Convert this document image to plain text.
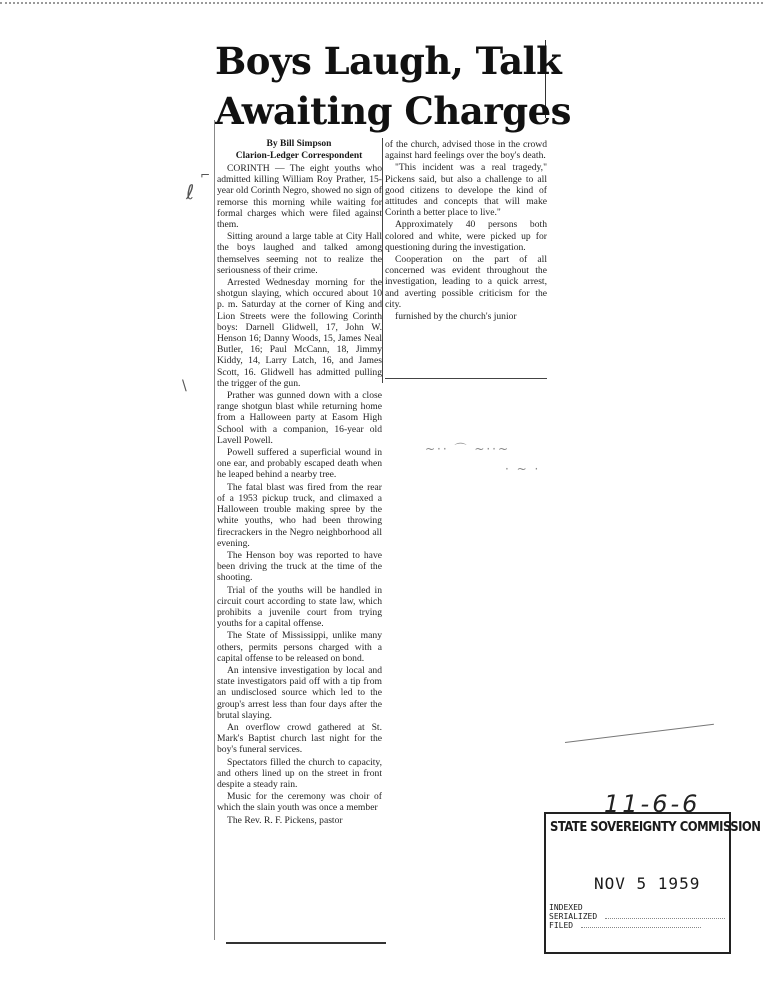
Boys Laugh, Talk
Awaiting Charges
By Bill Simpson
Clarion-Ledger Correspondent

CORINTH — The eight youths who admitted killing William Roy Prather, 15-year old Corinth Negro, showed no sign of remorse this morning while waiting for formal charges which were filed against them.

Sitting around a large table at City Hall the boys laughed and talked among themselves seeming not to realize the seriousness of their crime.

Arrested Wednesday morning for the shotgun slaying, which occured about 10 p. m. Saturday at the corner of King and Lion Streets were the following Corinth boys: Darnell Glidwell, 17, John W. Henson 16; Danny Woods, 15, James Neal Butler, 16; Paul McCann, 18, Jimmy Kiddy, 14, Larry Latch, 16, and James Scott, 16. Glidwell has admitted pulling the trigger of the gun.

Prather was gunned down with a close range shotgun blast while returning home from a Halloween party at Easom High School with a companion, 16-year old Lavell Powell.

Powell suffered a superficial wound in one ear, and probably escaped death when he leaped behind a nearby tree.

The fatal blast was fired from the rear of a 1953 pickup truck, and climaxed a Halloween trouble making spree by the white youths, who had been throwing firecrackers in the Negro neighborhood all evening.

The Henson boy was reported to have been driving the truck at the time of the shooting.

Trial of the youths will be handled in circuit court according to state law, which prohibits a juvenile court from trying youths for a capital offense.

The State of Mississippi, unlike many others, permits persons charged with a capital offense to be released on bond.

An intensive investigation by local and state investigators paid off with a tip from an undisclosed source which led to the group's arrest less than four days after the brutal slaying.

An overflow crowd gathered at St. Mark's Baptist church last night for the boy's funeral services.

Spectators filled the church to capacity, and others lined up on the street in front despite a steady rain.

Music for the ceremony was choir of which the slain youth was once a member

The Rev. R. F. Pickens, pastor

of the church, advised those in the crowd against hard feelings over the boy's death.

"This incident was a real tragedy," Pickens said, but also a challenge to all good citizens to develope the kind of attitudes and concepts that will make Corinth a better place to live."

Approximately 40 persons both colored and white, were picked up for questioning during the investigation.

Cooperation on the part of all concerned was evident throughout the investigation, leading to a quick arrest, and averting possible criticism for the city.

furnished by the church's junior

⌐
ℓ
\
~·· ⌒ ~··~
· ~ ·
11-6-6
STATE SOVEREIGNTY COMMISSION
NOV 5 1959
INDEXED
SERIALIZED
FILED
